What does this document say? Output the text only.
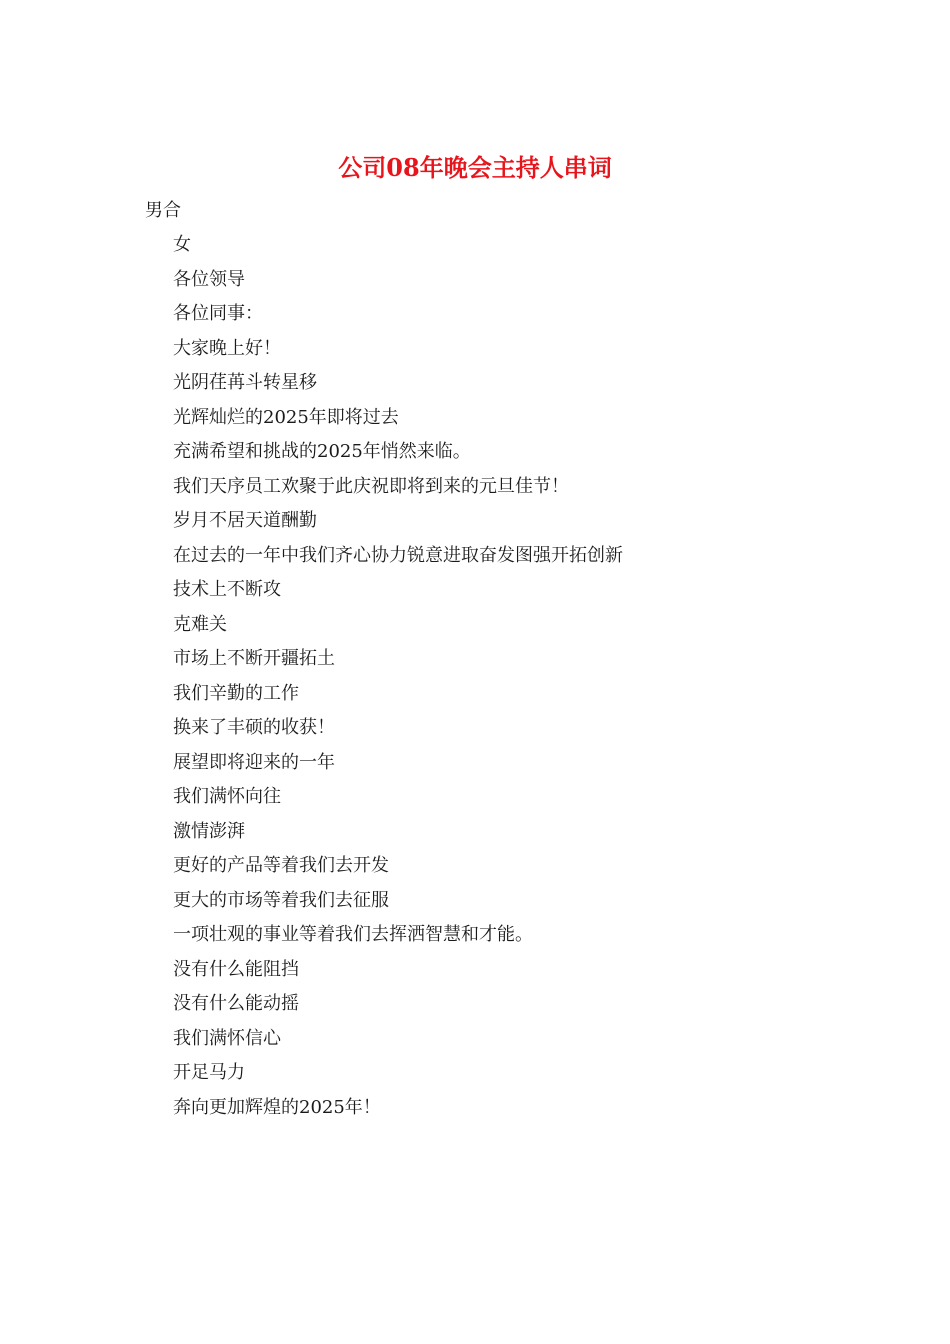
公司08年晚会主持人串词
男合
女
各位领导
各位同事：
大家晚上好！
光阴荏苒斗转星移
光辉灿烂的2025年即将过去
充满希望和挑战的2025年悄然来临。
我们天序员工欢聚于此庆祝即将到来的元旦佳节！
岁月不居天道酬勤
在过去的一年中我们齐心协力锐意进取奋发图强开拓创新
技术上不断攻
克难关
市场上不断开疆拓土
我们辛勤的工作
换来了丰硕的收获！
展望即将迎来的一年
我们满怀向往
激情澎湃
更好的产品等着我们去开发
更大的市场等着我们去征服
一项壮观的事业等着我们去挥洒智慧和才能。
没有什么能阻挡
没有什么能动摇
我们满怀信心
开足马力
奔向更加辉煌的2025年！
